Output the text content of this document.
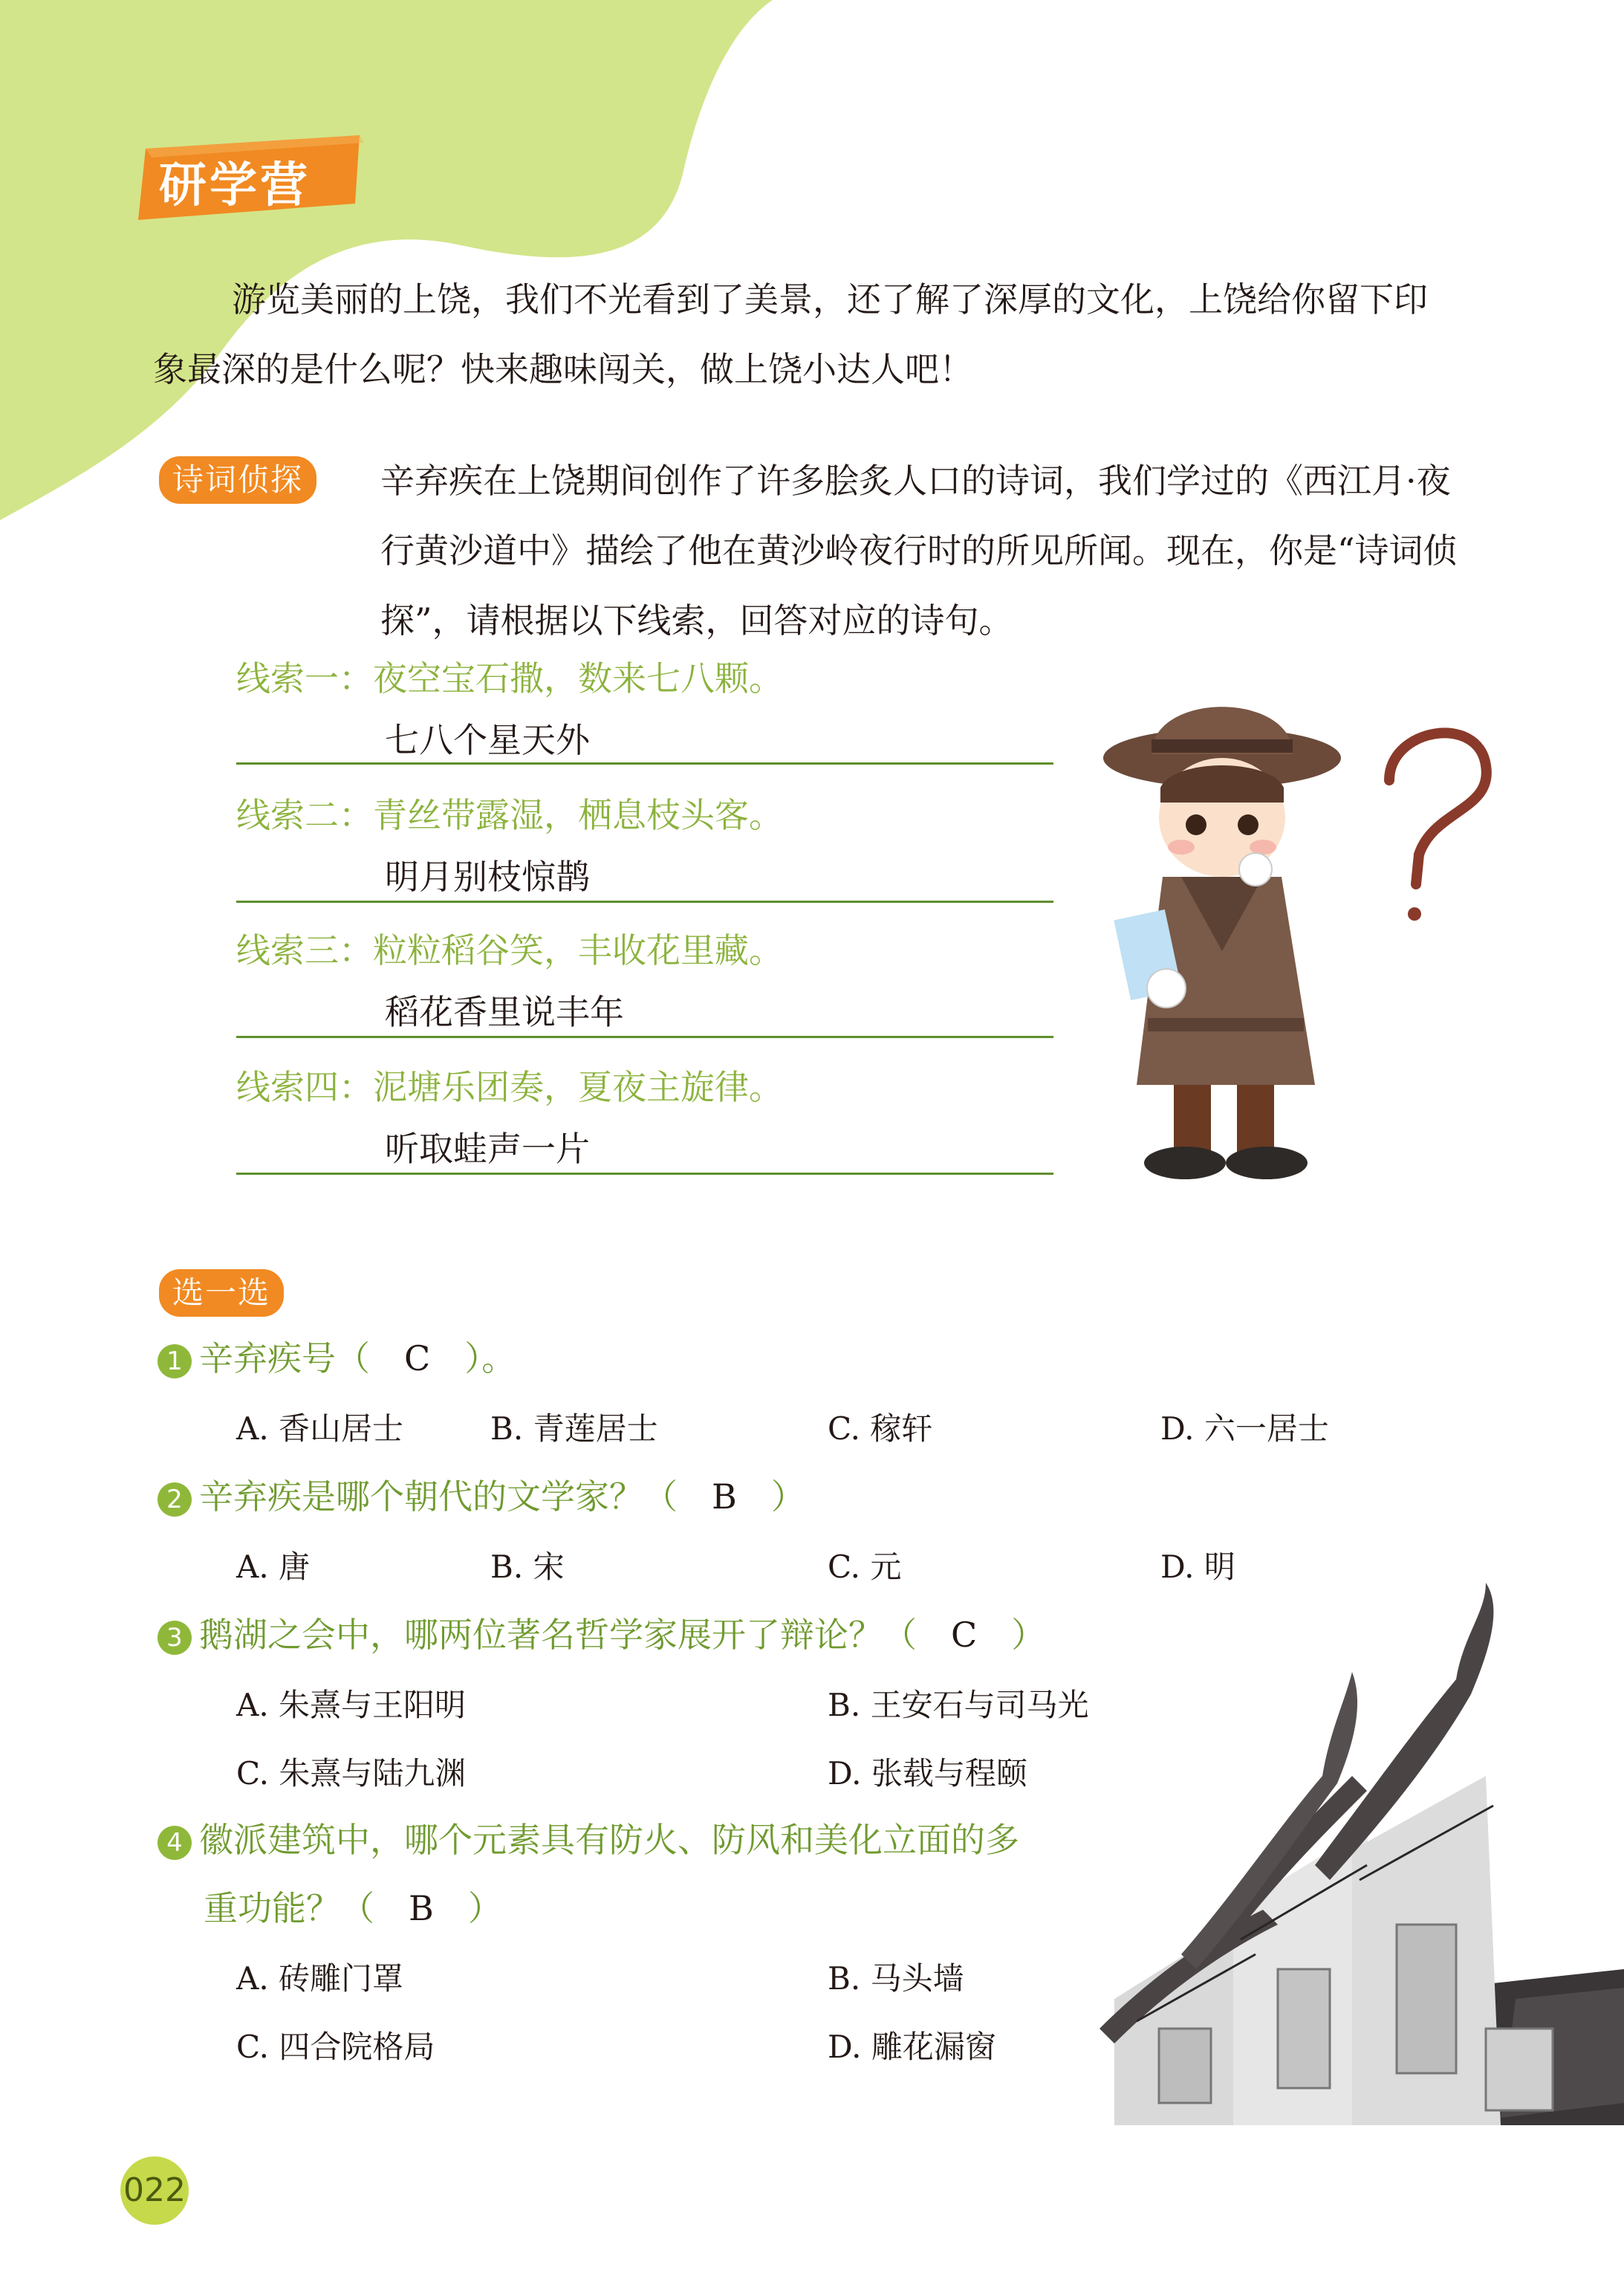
研学营
游览美丽的上饶，我们不光看到了美景，还了解了深厚的文化，上饶给你留下印象最深的是什么呢？快来趣味闯关，做上饶小达人吧！
诗词侦探	辛弃疾在上饶期间创作了许多脍炙人口的诗词，我们学过的《西江月·夜行黄沙道中》描绘了他在黄沙岭夜行时的所见所闻。现在，你是“诗词侦探”，请根据以下线索，回答对应的诗句。
线索一：夜空宝石撒，数来七八颗。
七八个星天外
线索二：青丝带露湿，栖息枝头客。
明月别枝惊鹊
线索三：粒粒稻谷笑，丰收花里藏。
稻花香里说丰年
线索四：泥塘乐团奏，夏夜主旋律。
听取蛙声一片
选一选
1 辛弃疾号（ C ）。
A. 香山居士	B. 青莲居士	C. 稼轩	D. 六一居士
2 辛弃疾是哪个朝代的文学家？（ B ）
A. 唐	B. 宋	C. 元	D. 明
3 鹅湖之会中，哪两位著名哲学家展开了辩论？（ C ）
A. 朱熹与王阳明	B. 王安石与司马光
C. 朱熹与陆九渊	D. 张载与程颐
4 徽派建筑中，哪个元素具有防火、防风和美化立面的多
重功能？（ B ）
A. 砖雕门罩	B. 马头墙
C. 四合院格局	D. 雕花漏窗
022
